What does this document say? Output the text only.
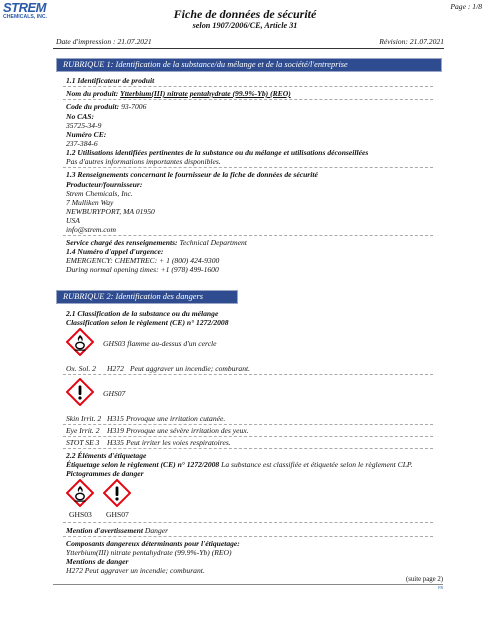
STREM
CHEMICALS, INC.	Fiche de données de sécurité
selon 1907/2006/CE, Article 31
Page : 1/8
Date d'impression : 21.07.2021	Révision: 21.07.2021
RUBRIQUE 1: Identification de la substance/du mélange et de la société/l'entreprise
1.1 Identificateur de produit
Nom du produit: Ytterbium(III) nitrate pentahydrate (99.9%-Yb) (REO)
Code du produit: 93-7006
No CAS:
35725-34-9
Numéro CE:
237-384-6
1.2 Utilisations identifiées pertinentes de la substance ou du mélange et utilisations déconseillées
Pas d'autres informations importantes disponibles.
1.3 Renseignements concernant le fournisseur de la fiche de données de sécurité
Producteur/fournisseur:
Strem Chemicals, Inc.
7 Mulliken Way
NEWBURYPORT, MA 01950
USA
info@strem.com
Service chargé des renseignements: Technical Department
1.4 Numéro d'appel d'urgence:
EMERGENCY: CHEMTREC: + 1 (800) 424-9300
During normal opening times: +1 (978) 499-1600
RUBRIQUE 2: Identification des dangers
2.1 Classification de la substance ou du mélange
Classification selon le règlement (CE) n° 1272/2008
GHS03 flamme au-dessus d'un cercle
Ox. Sol. 2 H272 Peut aggraver un incendie; comburant.
GHS07
Skin Irrit. 2 H315 Provoque une irritation cutanée.
Eye Irrit. 2 H319 Provoque une sévère irritation des yeux.
STOT SE 3 H335 Peut irriter les voies respiratoires.
2.2 Éléments d'étiquetage
Étiquetage selon le règlement (CE) n° 1272/2008 La substance est classifiée et étiquetée selon le règlement CLP.
Pictogrammes de danger
GHS03 GHS07
Mention d'avertissement Danger
Composants dangereux déterminants pour l'étiquetage:
Ytterbium(III) nitrate pentahydrate (99.9%-Yb) (REO)
Mentions de danger
H272 Peut aggraver un incendie; comburant.
(suite page 2)
FR
